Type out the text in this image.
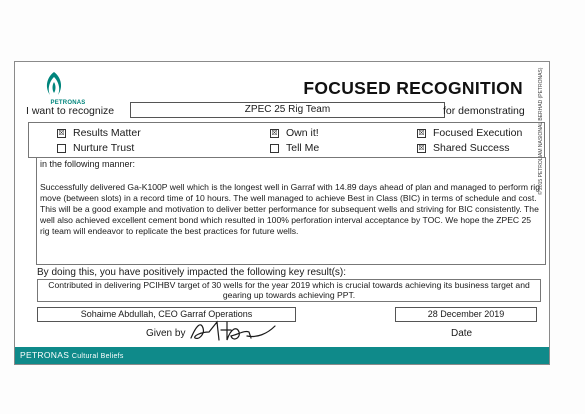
PETRONAS
FOCUSED RECOGNITION
I want to recognize	ZPEC 25 Rig Team	for demonstrating
☒ Results Matter	☒ Own it!	☒ Focused Execution
Nurture Trust	Tell Me	☒ Shared Success
in the following manner:
Successfully delivered Ga-K100P well which is the longest well in Garraf with 14.89 days ahead of plan and managed to perform rig move (between slots) in a record time of 10 hours. The well managed to achieve Best in Class (BIC) in terms of schedule and cost. This will be a good example and motivation to deliver better performance for subsequent wells and striving for BIC consistently. The well also achieved excellent cement bond which resulted in 100% perforation interval acceptance by TOC. We hope the ZPEC 25 rig team will endeavor to replicate the best practices for future wells.
By doing this, you have positively impacted the following key result(s):
Contributed in delivering PCIHBV target of 30 wells for the year 2019 which is crucial towards achieving its business target and gearing up towards achieving PPT.
Sohaime Abdullah, CEO Garraf Operations	28 December 2019
Given by	Date
PETRONAS Cultural Beliefs
© 2015 PETROLIAM NASIONAL BERHAD (PETRONAS)
